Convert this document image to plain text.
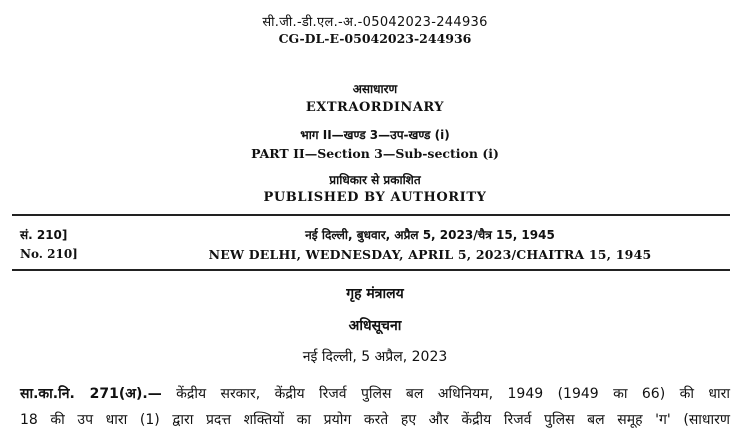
सी.जी.-डी.एल.-अ.-05042023-244936
CG-DL-E-05042023-244936
असाधारण
EXTRAORDINARY
भाग II—खण्ड 3—उप-खण्ड (i)
PART II—Section 3—Sub-section (i)
प्राधिकार से प्रकाशित
PUBLISHED BY AUTHORITY
सं. 210]
No. 210]
नई दिल्ली, बुधवार, अप्रैल 5, 2023/चैत्र 15, 1945
NEW DELHI, WEDNESDAY, APRIL 5, 2023/CHAITRA 15, 1945
गृह मंत्रालय
अधिसूचना
नई दिल्ली, 5 अप्रैल, 2023
सा.का.नि. 271(अ).— केंद्रीय सरकार, केंद्रीय रिजर्व पुलिस बल अधिनियम, 1949 (1949 का 66) की धारा
18 की उप धारा (1) द्वारा प्रदत्त शक्तियों का प्रयोग करते हए और केंद्रीय रिजर्व पुलिस बल समूह 'ग' (साधारण
